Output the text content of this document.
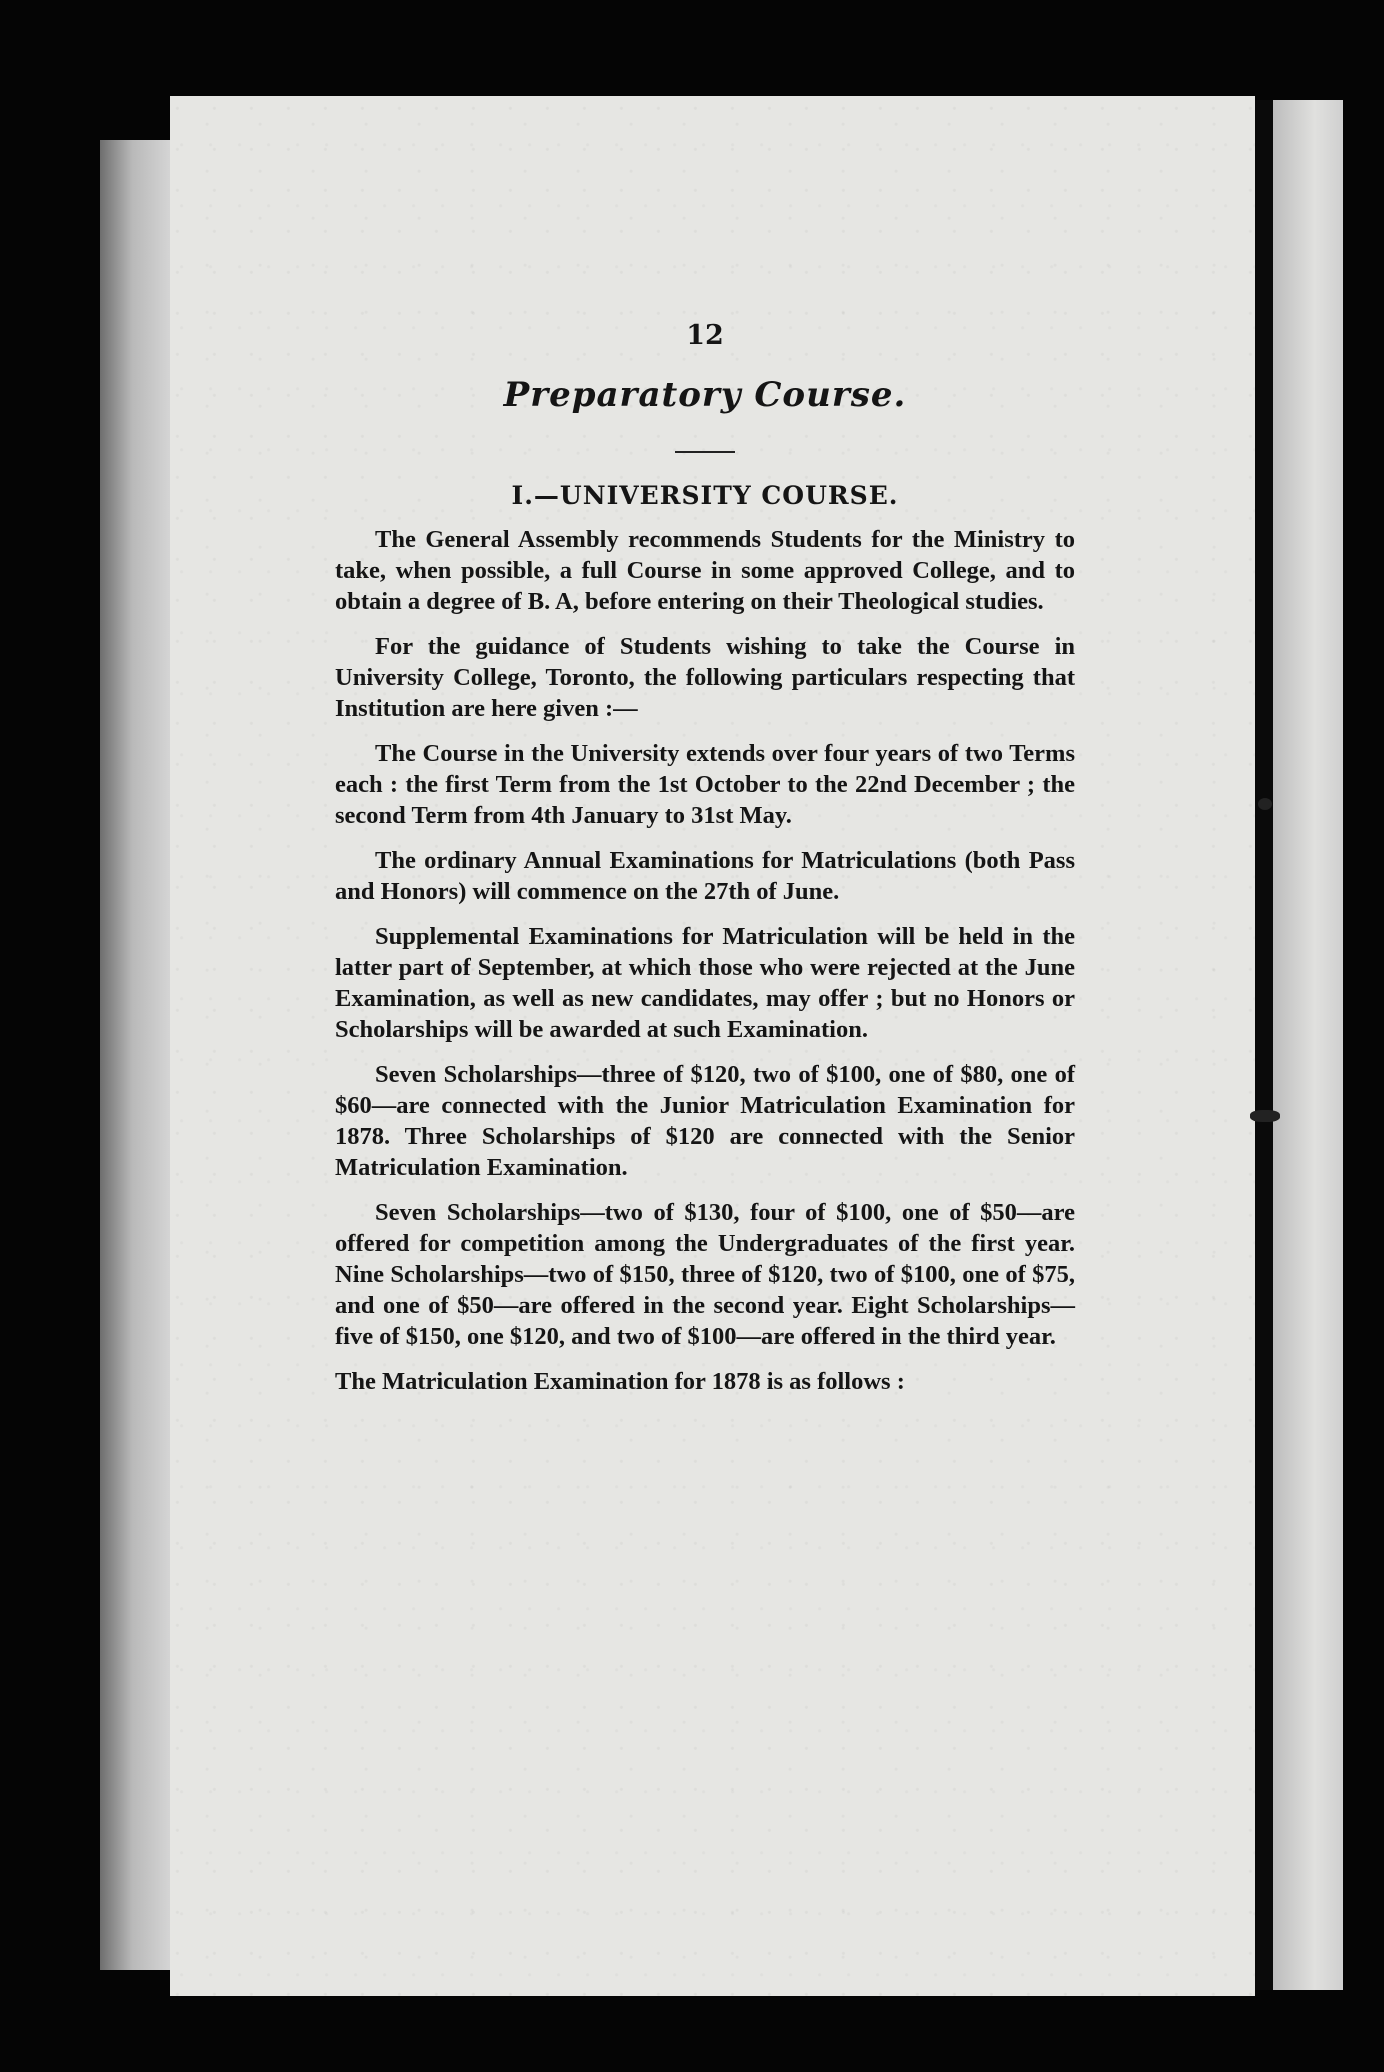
12
Preparatory Course.
I.—UNIVERSITY COURSE.

The General Assembly recommends Students for the Ministry to take, when possible, a full Course in some approved College, and to obtain a degree of B. A, before entering on their Theological studies.

For the guidance of Students wishing to take the Course in University College, Toronto, the following particulars respecting that Institution are here given :—

The Course in the University extends over four years of two Terms each : the first Term from the 1st October to the 22nd December ; the second Term from 4th January to 31st May.

The ordinary Annual Examinations for Matriculations (both Pass and Honors) will commence on the 27th of June.

Supplemental Examinations for Matriculation will be held in the latter part of September, at which those who were rejected at the June Examination, as well as new candidates, may offer ; but no Honors or Scholarships will be awarded at such Examination.

Seven Scholarships—three of $120, two of $100, one of $80, one of $60—are connected with the Junior Matriculation Examination for 1878. Three Scholarships of $120 are connected with the Senior Matriculation Examination.

Seven Scholarships—two of $130, four of $100, one of $50—are offered for competition among the Undergraduates of the first year. Nine Scholarships—two of $150, three of $120, two of $100, one of $75, and one of $50—are offered in the second year. Eight Scholarships—five of $150, one $120, and two of $100—are offered in the third year.

The Matriculation Examination for 1878 is as follows :
